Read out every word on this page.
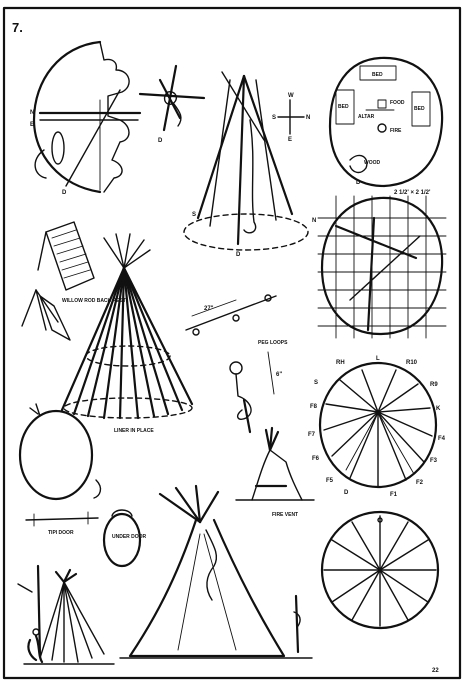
7.
N
E
D
D
S
N
D
W
S	N
E
BED
BED	BED
ALTAR
FOOD
FIRE
WOOD
D
2 1/2' × 2 1/2'
WILLOW ROD BACK REST
LINER IN PLACE
27"
PEG LOOPS
6"
RH
L
R10
S	R9
F8	K
F7
F4
F6	F3
F5
D	F1
F2
TIPI DOOR
UNDER DOOR
FIRE VENT
22
